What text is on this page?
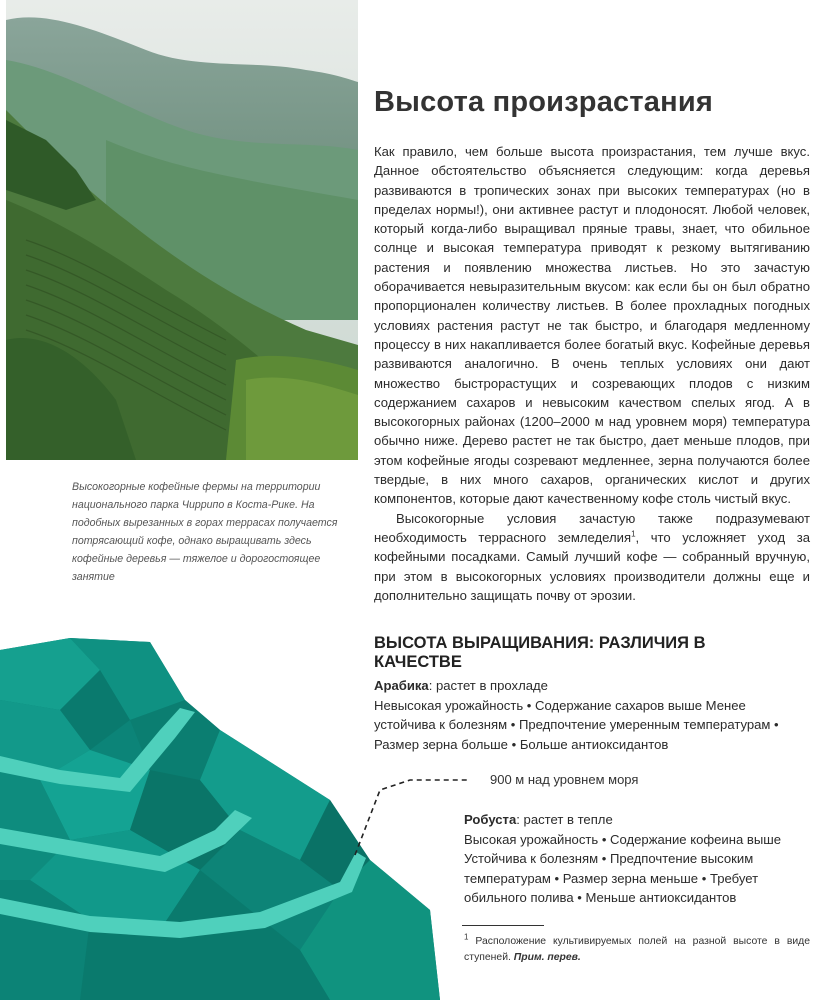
Высокогорные кофейные фермы на территории национального парка Чиррипо в Коста-Рике. На подобных вырезанных в горах террасах получается потрясающий кофе, однако выращивать здесь кофейные деревья — тяжелое и дорогостоящее занятие

Высота произрастания

Как правило, чем больше высота произрастания, тем лучше вкус. Данное обстоятельство объясняется следующим: когда деревья развиваются в тропических зонах при высоких температурах (но в пределах нормы!), они активнее растут и плодоносят. Любой человек, который когда-либо выращивал пряные травы, знает, что обильное солнце и высокая температура приводят к резкому вытягиванию растения и появлению множества листьев. Но это зачастую оборачивается невыразительным вкусом: как если бы он был обратно пропорционален количеству листьев. В более прохладных погодных условиях растения растут не так быстро, и благодаря медленному процессу в них накапливается более богатый вкус. Кофейные деревья развиваются аналогично. В очень теплых условиях они дают множество быстрорастущих и созревающих плодов с низким содержанием сахаров и невысоким качеством спелых ягод. А в высокогорных районах (1200–2000 м над уровнем моря) температура обычно ниже. Дерево растет не так быстро, дает меньше плодов, при этом кофейные ягоды созревают медленнее, зерна получаются более твердые, в них много сахаров, органических кислот и других компонентов, которые дают качественному кофе столь чистый вкус.

Высокогорные условия зачастую также подразумевают необходимость террасного земледелия$^1$, что усложняет уход за кофейными посадками. Самый лучший кофе — собранный вручную, при этом в высокогорных условиях производители должны еще и дополнительно защищать почву от эрозии.

ВЫСОТА ВЫРАЩИВАНИЯ: РАЗЛИЧИЯ В КАЧЕСТВЕ

Арабика: растет в прохладе

Невысокая урожайность • Содержание сахаров выше Менее устойчива к болезням • Предпочтение умеренным температурам • Размер зерна больше • Больше антиоксидантов

900 м над уровнем моря

Робуста: растет в тепле

Высокая урожайность • Содержание кофеина выше Устойчива к болезням • Предпочтение высоким температурам • Размер зерна меньше • Требует обильного полива • Меньше антиоксидантов

$^1$ Расположение культивируемых полей на разной высоте в виде ступеней. Прим. перев.
